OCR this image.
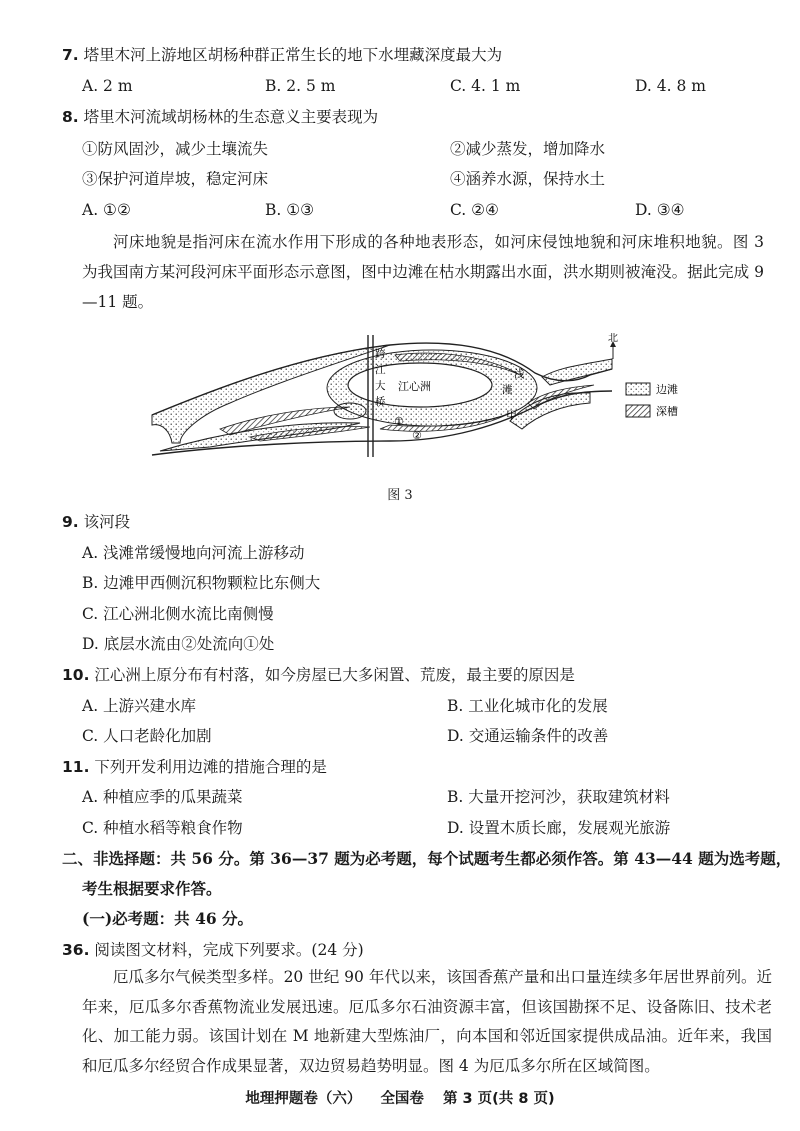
7. 塔里木河上游地区胡杨种群正常生长的地下水埋藏深度最大为
A. 2 m	B. 2. 5 m	C. 4. 1 m	D. 4. 8 m
8. 塔里木河流域胡杨林的生态意义主要表现为
①防风固沙，减少土壤流失	②减少蒸发，增加降水
③保护河道岸坡，稳定河床	④涵养水源，保持水土
A. ①②	B. ①③	C. ②④	D. ③④
河床地貌是指河床在流水作用下形成的各种地表形态，如河床侵蚀地貌和河床堆积地貌。图 3 为我国南方某河段河床平面形态示意图，图中边滩在枯水期露出水面，洪水期则被淹没。据此完成 9—11 题。
跨
江
大
桥
江心洲
浅
滩
甲
①
②
北
边滩
深槽
图 3
9. 该河段
A. 浅滩常缓慢地向河流上游移动
B. 边滩甲西侧沉积物颗粒比东侧大
C. 江心洲北侧水流比南侧慢
D. 底层水流由②处流向①处
10. 江心洲上原分布有村落，如今房屋已大多闲置、荒废，最主要的原因是
A. 上游兴建水库	B. 工业化城市化的发展
C. 人口老龄化加剧	D. 交通运输条件的改善
11. 下列开发利用边滩的措施合理的是
A. 种植应季的瓜果蔬菜	B. 大量开挖河沙，获取建筑材料
C. 种植水稻等粮食作物	D. 设置木质长廊，发展观光旅游
二、非选择题：共 56 分。第 36—37 题为必考题，每个试题考生都必须作答。第 43—44 题为选考题，
考生根据要求作答。
(一)必考题：共 46 分。
36. 阅读图文材料，完成下列要求。(24 分)
厄瓜多尔气候类型多样。20 世纪 90 年代以来，该国香蕉产量和出口量连续多年居世界前列。近年来，厄瓜多尔香蕉物流业发展迅速。厄瓜多尔石油资源丰富，但该国勘探不足、设备陈旧、技术老化、加工能力弱。该国计划在 M 地新建大型炼油厂，向本国和邻近国家提供成品油。近年来，我国和厄瓜多尔经贸合作成果显著，双边贸易趋势明显。图 4 为厄瓜多尔所在区域简图。
地理押题卷（六） 全国卷 第 3 页(共 8 页)
